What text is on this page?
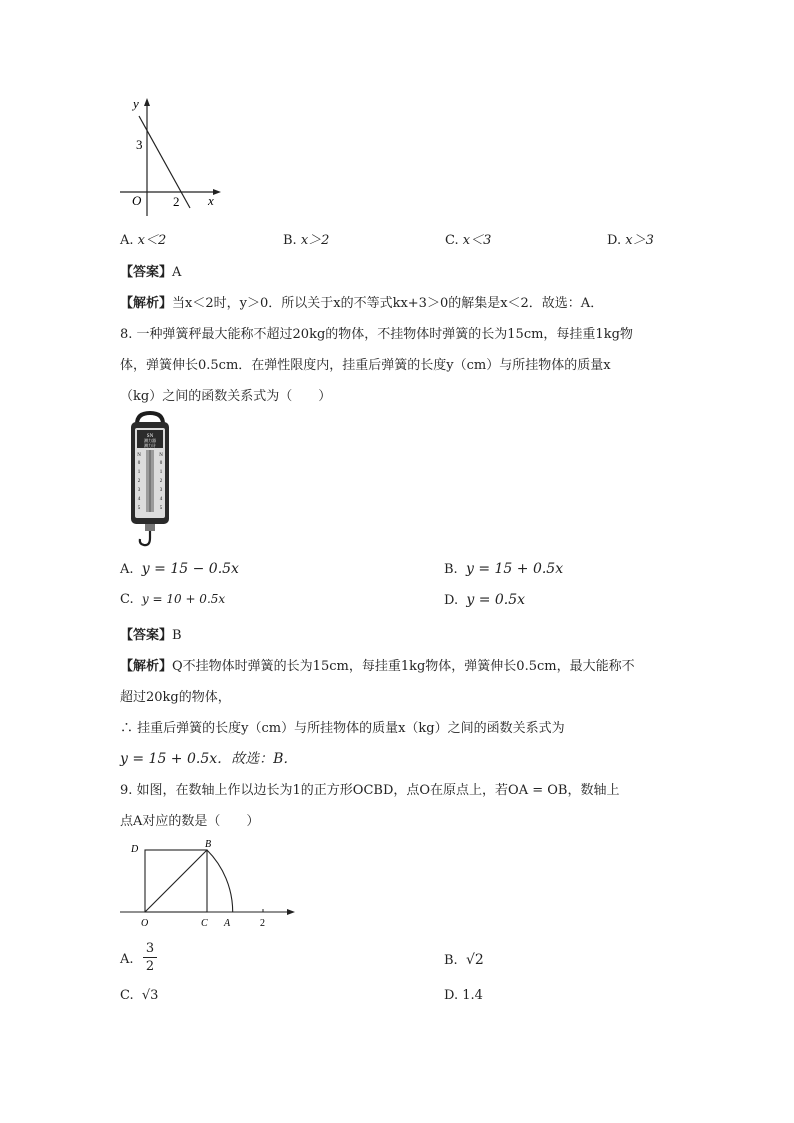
y
x
O
3
2
A. x＜2	B. x＞2	C. x＜3	D. x＞3
【答案】A
【解析】当x＜2时，y＞0．所以关于x的不等式kx+3＞0的解集是x＜2．故选：A．
8. 一种弹簧秤最大能称不超过20kg的物体，不挂物体时弹簧的长为15cm，每挂重1kg物
体，弹簧伸长0.5cm．在弹性限度内，挂重后弹簧的长度y（cm）与所挂物体的质量x
（kg）之间的函数关系式为（　　）
SN
测力器
测力计
N	N
0
1
2
3
4
5
0
1
2
3
4
5
A. y = 15 − 0.5x	B. y = 15 + 0.5x
C. y = 10 + 0.5x	D. y = 0.5x
【答案】B
【解析】Q不挂物体时弹簧的长为15cm，每挂重1kg物体，弹簧伸长0.5cm，最大能称不
超过20kg的物体，
∴ 挂重后弹簧的长度y（cm）与所挂物体的质量x（kg）之间的函数关系式为
y = 15 + 0.5x．故选：B．
9. 如图，在数轴上作以边长为1的正方形OCBD，点O在原点上，若OA = OB，数轴上
点A对应的数是（　　）
D	B
O	C A	2
A.
3
2	B. √2
C. √3	D. 1.4
